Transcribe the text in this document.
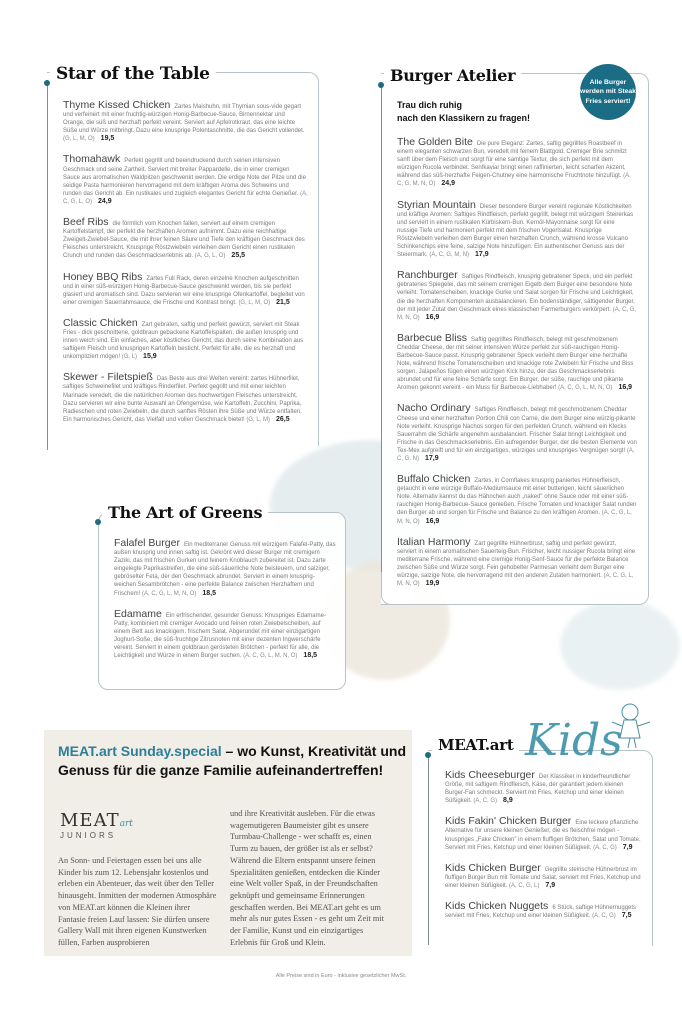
Star of the Table
Thyme Kissed Chicken Zartes Maishuhn, mit Thymian sous-vide gegart und verfeinert mit einer fruchtig-würzigen Honig-Barbecue-Sauce, Birnennektar und Orange, die süß und herzhaft perfekt vereint. Serviert auf Apfelrotkraut, das eine leichte Süße und Würze mitbringt. Dazu eine knusprige Polentaschnitte, die das Gericht vollendet. (G, L, M, O) 19,5
Thomahawk Perfekt gegrillt und beeindruckend durch seinen intensiven Geschmack und seine Zartheit. Serviert mit breiter Pappardelle, die in einer cremigen Sauce aus aromatischen Waldpilzen geschwenkt werden. Die erdige Note der Pilze und die seidige Pasta harmonieren hervorragend mit dem kräftigen Aroma des Schweins und runden das Gericht ab. Ein rustikales und zugleich elegantes Gericht für echte Genießer. (A, C, G, L, O) 24,9
Beef Ribs die förmlich vom Knochen fallen, serviert auf einem cremigen Kartoffelstampf, der perfekt die herzhaften Aromen aufnimmt. Dazu eine reichhaltige Zweigelt-Zwiebel-Sauce, die mit ihrer feinen Säure und Tiefe den kräftigen Geschmack des Fleisches unterstreicht. Knusprige Röstzwiebeln verleihen dem Gericht einen rustikalen Crunch und runden das Geschmackserlebnis ab. (A, G, L, O) 25,5
Honey BBQ Ribs Zartes Full Rack, deren einzelne Knochen aufgeschnitten und in einer süß-würzigen Honig-Barbecue-Sauce geschwenkt werden, bis sie perfekt glasiert und aromatisch sind. Dazu servieren wir eine knusprige Ofenkartoffel, begleitet von einer cremigen Sauerrahmsauce, die Frische und Kontrast bringt. (G, L, M, O) 21,5
Classic Chicken Zart gebraten, saftig und perfekt gewürzt, serviert mit Steak Fries - dick geschnittene, goldbraun gebackene Kartoffelspalten, die außen knusprig und innen weich sind. Ein einfaches, aber köstliches Gericht, das durch seine Kombination aus saftigem Fleisch und knusprigen Kartoffeln besticht. Perfekt für alle, die es herzhaft und unkompliziert mögen! (G, L) 15,9
Skewer - Filetspieß Das Beste aus drei Welten vereint: zartes Hühnerfilet, saftiges Schweinefilet und kräftiges Rinderfilet. Perfekt gegrillt und mit einer leichten Marinade veredelt, die die natürlichen Aromen des hochwertigen Fleisches unterstreicht. Dazu servieren wir eine bunte Auswahl an Ofengemüse, wie Kartoffeln, Zucchini, Paprika, Radieschen und roten Zwiebeln, die durch sanftes Rösten ihre Süße und Würze entfalten. Ein harmonisches Gericht, das Vielfalt und vollen Geschmack bietet! (G, L, M) 26,5
Burger Atelier	Alle Burger werden mit Steak Fries serviert!
Trau dich ruhig
nach den Klassikern zu fragen!
The Golden Bite Die pure Eleganz: Zartes, saftig gegrilltes Roastbeef in einem eleganten schwarzen Bun, veredelt mit feinem Blattgold. Cremiger Brie schmilzt sanft über dem Fleisch und sorgt für eine samtige Textur, die sich perfekt mit dem würzigen Rucola verbindet. Senfkaviar bringt einen raffinierten, leicht scharfen Akzent, während das süß-herzhafte Feigen-Chutney eine harmonische Fruchtnote hinzufügt. (A, C, G, M, N, O) 24,9
Styrian Mountain Dieser besondere Burger vereint regionale Köstlichkeiten und kräftige Aromen: Saftiges Rindfleisch, perfekt gegrillt, belegt mit würzigem Steirerkas und serviert in einem rustikalen Kürbiskern-Bun. Kernöl-Mayonnaise sorgt für eine nussige Tiefe und harmoniert perfekt mit dem frischen Vogerlsalat. Knusprige Röstzwiebeln verleihen dem Burger einen herzhaften Crunch, während krosse Vulcano Schinkenchips eine feine, salzige Note hinzufügen. Ein authentischer Genuss aus der Steiermark. (A, C, G, M, N) 17,9
Ranchburger Saftiges Rindfleisch, knusprig gebratener Speck, und ein perfekt gebratenes Spiegelei, das mit seinem cremigen Eigelb dem Burger eine besondere Note verleiht. Tomatenscheiben, knackige Gurke und Salat sorgen für Frische und Leichtigkeit, die die herzhaften Komponenten ausbalancieren. Ein bodenständiger, sättigender Burger, der mit jeder Zutat den Geschmack eines klassischen Farmerburgers verkörpert. (A, C, G, M, N, O) 16,9
Barbecue Bliss Saftig gegrilltes Rindfleisch, belegt mit geschmolzenem Cheddar Cheese, der mit seiner intensiven Würze perfekt zur süß-rauchigen Honig-Barbecue-Sauce passt. Knusprig gebratener Speck verleiht dem Burger eine herzhafte Note, während frische Tomatenscheiben und knackige rote Zwiebeln für Frische und Biss sorgen. Jalapeños fügen einen würzigen Kick hinzu, der das Geschmackserlebnis abrundet und für eine feine Schärfe sorgt. Ein Burger, der süße, rauchige und pikante Aromen gekonnt vereint - ein Muss für Barbecue-Liebhaber! (A, C, G, L, M, N, O) 16,9
Nacho Ordinary Saftiges Rindfleisch, belegt mit geschmolzenem Cheddar Cheese und einer herzhaften Portion Chili con Carne, die dem Burger eine würzig-pikante Note verleiht. Knusprige Nachos sorgen für den perfekten Crunch, während ein Klecks Sauerrahm die Schärfe angenehm ausbalanciert. Frischer Salat bringt Leichtigkeit und Frische in das Geschmackserlebnis. Ein aufregender Burger, der die besten Elemente von Tex-Mex aufgreift und für ein einzigartiges, würziges und knuspriges Vergnügen sorgt! (A, C, G, N) 17,9
Buffalo Chicken Zartes, in Cornflakes knusprig paniertes Hühnerfleisch, getaucht in eine würzige Buffalo-Mediumsauce mit einer butterigen, leicht säuerlichen Note. Alternativ kannst du das Hähnchen auch „naked" ohne Sauce oder mit einer süß-rauchigen Honig-Barbecue-Sauce genießen. Frische Tomaten und knackiger Salat runden den Burger ab und sorgen für Frische und Balance zu den kräftigen Aromen. (A, C, G, L, M, N, O) 16,9
Italian Harmony Zart gegrillte Hühnerbrust, saftig und perfekt gewürzt, serviert in einem aromatischen Sauerteig-Bun. Frischer, leicht nussiger Rucola bringt eine mediterrane Frische, während eine cremige Honig-Senf-Sauce für die perfekte Balance zwischen Süße und Würze sorgt. Fein gehobelter Parmesan verleiht dem Burger eine würzige, salzige Note, die hervorragend mit den anderen Zutaten harmoniert. (A, C, G, L, M, N, O) 19,9
The Art of Greens
Falafel Burger Ein mediterraner Genuss mit würzigem Falafel-Patty, das außen knusprig und innen saftig ist. Gekrönt wird dieser Burger mit cremigem Zaziki, das mit frischen Gurken und feinem Knoblauch zubereitet ist. Dazu zarte eingelegte Paprikastreifen, die eine süß-säuerliche Note beisteuern, und salziger, gebröselter Feta, der den Geschmack abrundet. Serviert in einem knusprig-weichen Sesambrötchen - eine perfekte Balance zwischen Herzhaftem und Frischem! (A, C, G, L, M, N, O) 18,5
Edamame Ein erfrischender, gesunder Genuss: Knuspriges Edamame-Patty, kombiniert mit cremiger Avocado und feinen roten Zwiebelscheiben, auf einem Bett aus knackigem, frischem Salat. Abgerundet mit einer einzigartigen Joghurt-Soße, die süß-fruchtige Zitrusnoten mit einer dezenten Ingwerschärfe vereint. Serviert in einem goldbraun gerösteten Brötchen - perfekt für alle, die Leichtigkeit und Würze in einem Burger suchen. (A, C, G, L, M, N, O) 18,5
MEAT.art Sunday.special – wo Kunst, Kreativität und Genuss für die ganze Familie aufeinandertreffen!
MEATart
JUNIORS
An Sonn- und Feiertagen essen bei uns alle Kinder bis zum 12. Lebensjahr kostenlos und erleben ein Abenteuer, das weit über den Teller hinausgeht. Inmitten der modernen Atmosphäre von MEAT.art können die Kleinen ihrer Fantasie freien Lauf lassen: Sie dürfen unsere Gallery Wall mit ihren eigenen Kunstwerken füllen, Farben ausprobieren
und ihre Kreativität ausleben. Für die etwas wagemutigeren Baumeister gibt es unsere Turmbau-Challenge - wer schafft es, einen Turm zu bauen, der größer ist als er selbst? Während die Eltern entspannt unsere feinen Spezialitäten genießen, entdecken die Kinder eine Welt voller Spaß, in der Freundschaften geknüpft und gemeinsame Erinnerungen geschaffen werden. Bei MEAT.art geht es um mehr als nur gutes Essen - es geht um Zeit mit der Familie, Kunst und ein einzigartiges Erlebnis für Groß und Klein.
Kids
MEAT.art
Kids Cheeseburger Der Klassiker in kinderfreundlicher Größe, mit saftigem Rindfleisch, Käse, der garantiert jedem kleinen Burger-Fan schmeckt. Serviert mit Fries, Ketchup und einer kleinen Süßigkeit. (A, C, G) 8,9
Kids Fakin' Chicken Burger Eine leckere pflanzliche Alternative für unsere kleinen Genießer, die es fleischfrei mögen - knuspriges „Fake Chicken" in einem fluffigen Brötchen, Salat und Tomate. Serviert mit Fries, Ketchup und einer kleinen Süßigkeit. (A, C, G) 7,9
Kids Chicken Burger Gegrillte steirische Hühnerbrust im fluffigen Burger Bun mit Tomate und Salat, serviert mit Fries, Ketchup und einer kleinen Süßigkeit. (A, C, G, L) 7,9
Kids Chicken Nuggets 6 Stück, saftige Hühnernuggets serviert mit Fries, Ketchup und einer kleinen Süßigkeit. (A, C, G) 7,5
Alle Preise sind in Euro - inklusive gesetzlicher MwSt.
